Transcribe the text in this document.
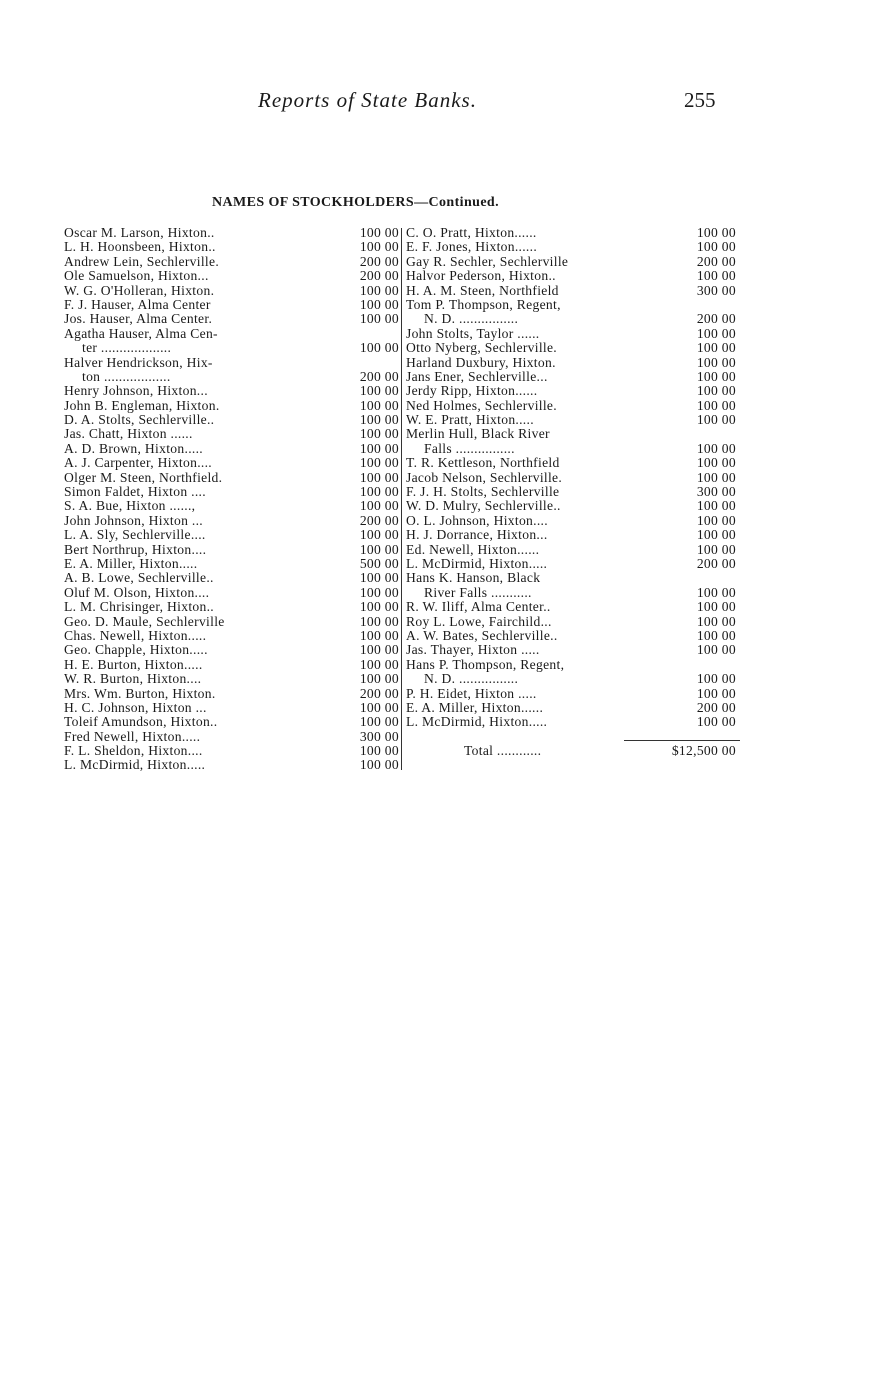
Reports of State Banks.	255
NAMES OF STOCKHOLDERS—Continued.
Oscar M. Larson, Hixton..	100 00
L. H. Hoonsbeen, Hixton..	100 00
Andrew Lein, Sechlerville.	200 00
Ole Samuelson, Hixton...	200 00
W. G. O'Holleran, Hixton.	100 00
F. J. Hauser, Alma Center	100 00
Jos. Hauser, Alma Center.	100 00
Agatha Hauser, Alma Cen-
ter ...................	100 00
Halver Hendrickson, Hix-
ton ..................	200 00
Henry Johnson, Hixton...	100 00
John B. Engleman, Hixton.	100 00
D. A. Stolts, Sechlerville..	100 00
Jas. Chatt, Hixton ......	100 00
A. D. Brown, Hixton.....	100 00
A. J. Carpenter, Hixton....	100 00
Olger M. Steen, Northfield.	100 00
Simon Faldet, Hixton ....	100 00
S. A. Bue, Hixton ......,	100 00
John Johnson, Hixton ...	200 00
L. A. Sly, Sechlerville....	100 00
Bert Northrup, Hixton....	100 00
E. A. Miller, Hixton.....	500 00
A. B. Lowe, Sechlerville..	100 00
Oluf M. Olson, Hixton....	100 00
L. M. Chrisinger, Hixton..	100 00
Geo. D. Maule, Sechlerville	100 00
Chas. Newell, Hixton.....	100 00
Geo. Chapple, Hixton.....	100 00
H. E. Burton, Hixton.....	100 00
W. R. Burton, Hixton....	100 00
Mrs. Wm. Burton, Hixton.	200 00
H. C. Johnson, Hixton ...	100 00
Toleif Amundson, Hixton..	100 00
Fred Newell, Hixton.....	300 00
F. L. Sheldon, Hixton....	100 00
L. McDirmid, Hixton.....	100 00
C. O. Pratt, Hixton......	100 00
E. F. Jones, Hixton......	100 00
Gay R. Sechler, Sechlerville	200 00
Halvor Pederson, Hixton..	100 00
H. A. M. Steen, Northfield	300 00
Tom P. Thompson, Regent,
N. D. ................	200 00
John Stolts, Taylor ......	100 00
Otto Nyberg, Sechlerville.	100 00
Harland Duxbury, Hixton.	100 00
Jans Ener, Sechlerville...	100 00
Jerdy Ripp, Hixton......	100 00
Ned Holmes, Sechlerville.	100 00
W. E. Pratt, Hixton.....	100 00
Merlin Hull, Black River
Falls ................	100 00
T. R. Kettleson, Northfield	100 00
Jacob Nelson, Sechlerville.	100 00
F. J. H. Stolts, Sechlerville	300 00
W. D. Mulry, Sechlerville..	100 00
O. L. Johnson, Hixton....	100 00
H. J. Dorrance, Hixton...	100 00
Ed. Newell, Hixton......	100 00
L. McDirmid, Hixton.....	200 00
Hans K. Hanson, Black
River Falls ...........	100 00
R. W. Iliff, Alma Center..	100 00
Roy L. Lowe, Fairchild...	100 00
A. W. Bates, Sechlerville..	100 00
Jas. Thayer, Hixton .....	100 00
Hans P. Thompson, Regent,
N. D. ................	100 00
P. H. Eidet, Hixton .....	100 00
E. A. Miller, Hixton......	200 00
L. McDirmid, Hixton.....	100 00
Total ............	$12,500 00
